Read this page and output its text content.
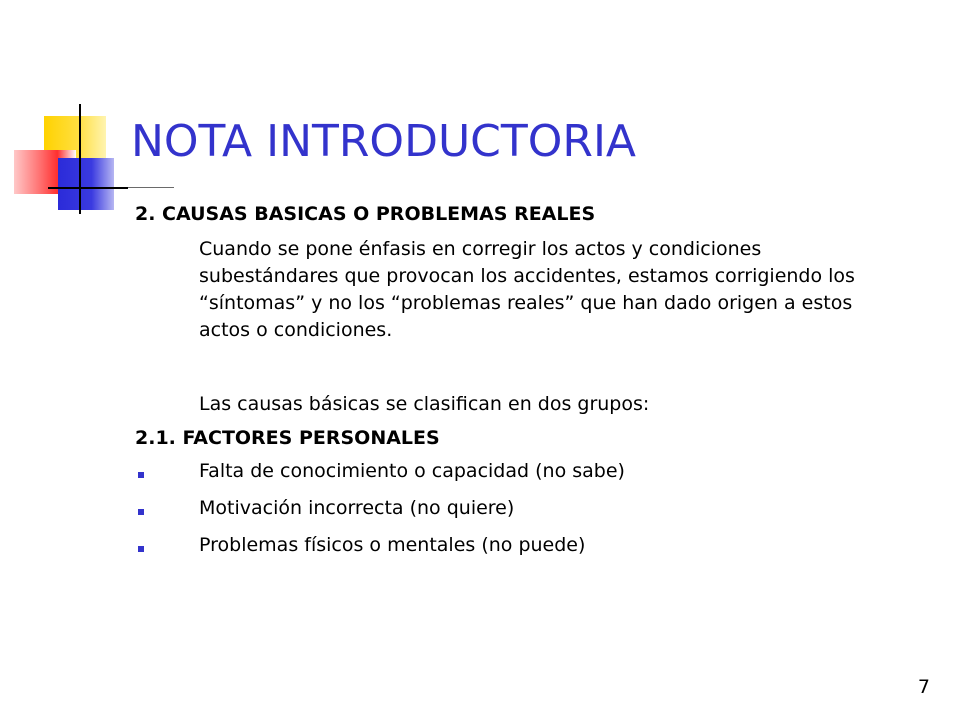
NOTA INTRODUCTORIA
2. CAUSAS BASICAS O PROBLEMAS REALES
Cuando se pone énfasis en corregir los actos y condiciones
subestándares que provocan los accidentes, estamos corrigiendo los
“síntomas” y no los “problemas reales” que han dado origen a estos
actos o condiciones.
Las causas básicas se clasifican en dos grupos:
2.1. FACTORES PERSONALES
Falta de conocimiento o capacidad (no sabe)
Motivación incorrecta (no quiere)
Problemas físicos o mentales (no puede)
7
